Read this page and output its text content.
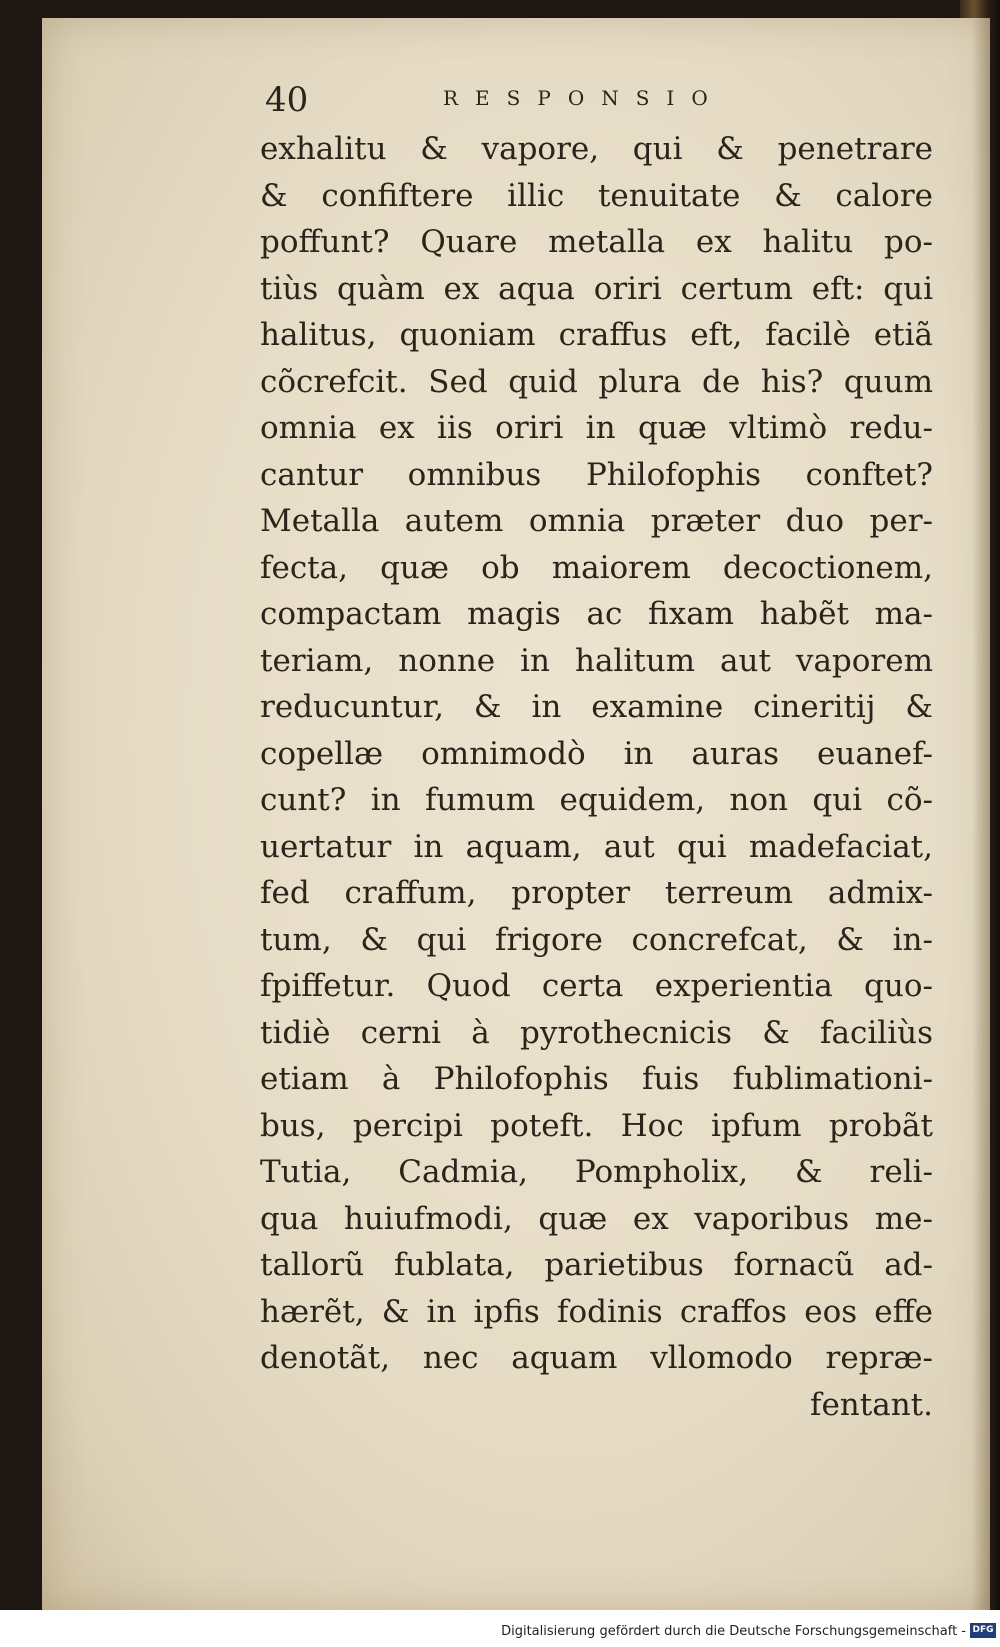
40	RESPONSIO
exhalitu & vapore, qui & penetrare
& confiftere illic tenuitate & calore
poffunt? Quare metalla ex halitu po-
tiùs quàm ex aqua oriri certum eft: qui
halitus, quoniam craffus eft, facilè etiã
cõcrefcit. Sed quid plura de his? quum
omnia ex iis oriri in quæ vltimò redu-
cantur omnibus Philofophis conftet?
Metalla autem omnia præter duo per-
fecta, quæ ob maiorem decoctionem,
compactam magis ac fixam habẽt ma-
teriam, nonne in halitum aut vaporem
reducuntur, & in examine cineritij &
copellæ omnimodò in auras euanef-
cunt? in fumum equidem, non qui cõ-
uertatur in aquam, aut qui madefaciat,
fed craffum, propter terreum admix-
tum, & qui frigore concrefcat, & in-
fpiffetur. Quod certa experientia quo-
tidiè cerni à pyrothecnicis & faciliùs
etiam à Philofophis fuis fublimationi-
bus, percipi poteft. Hoc ipfum probãt
Tutia, Cadmia, Pompholix, & reli-
qua huiufmodi, quæ ex vaporibus me-
tallorũ fublata, parietibus fornacũ ad-
hærẽt, & in ipfis fodinis craffos eos effe
denotãt, nec aquam vllomodo repræ-
fentant.
Digitalisierung gefördert durch die Deutsche Forschungsgemeinschaft - DFG
